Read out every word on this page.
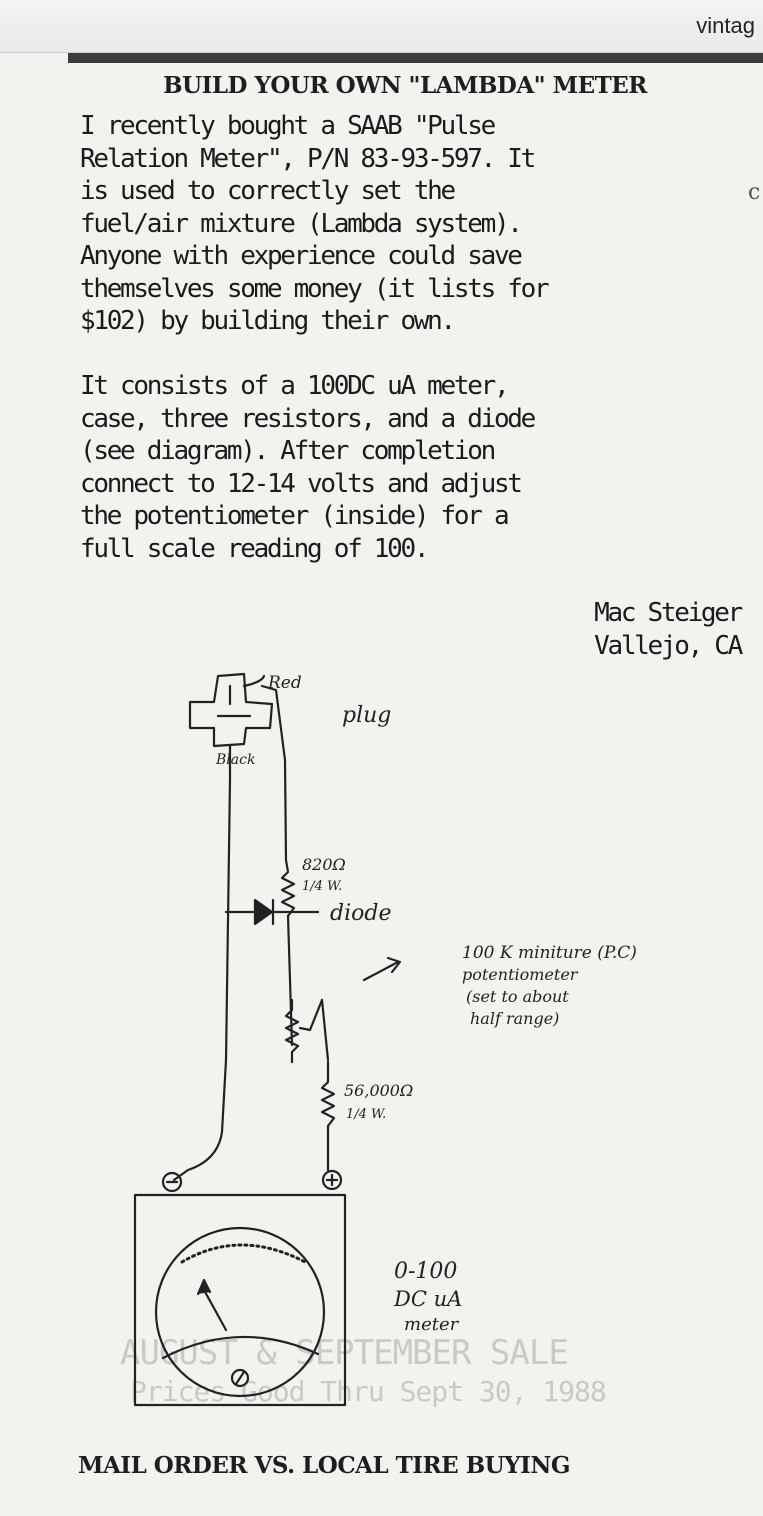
vintag
AUGUST & SEPTEMBER SALE
Prices Good Thru Sept 30, 1988
BUILD YOUR OWN "LAMBDA" METER

I recently bought a SAAB "Pulse
Relation Meter", P/N 83-93-597. It
is used to correctly set the
fuel/air mixture (Lambda system).
Anyone with experience could save
themselves some money (it lists for
$102) by building their own.

It consists of a 100DC uA meter,
case, three resistors, and a diode
(see diagram). After completion
connect to 12-14 volts and adjust
the potentiometer (inside) for a
full scale reading of 100.

Mac Steiger
Vallejo, CA
c
Red
Black
plug
820Ω
1/4 W.
diode
100 K miniture (P.C)
potentiometer
(set to about
half range)
56,000Ω
1/4 W.
0-100
DC uA
meter
MAIL ORDER VS. LOCAL TIRE BUYING
